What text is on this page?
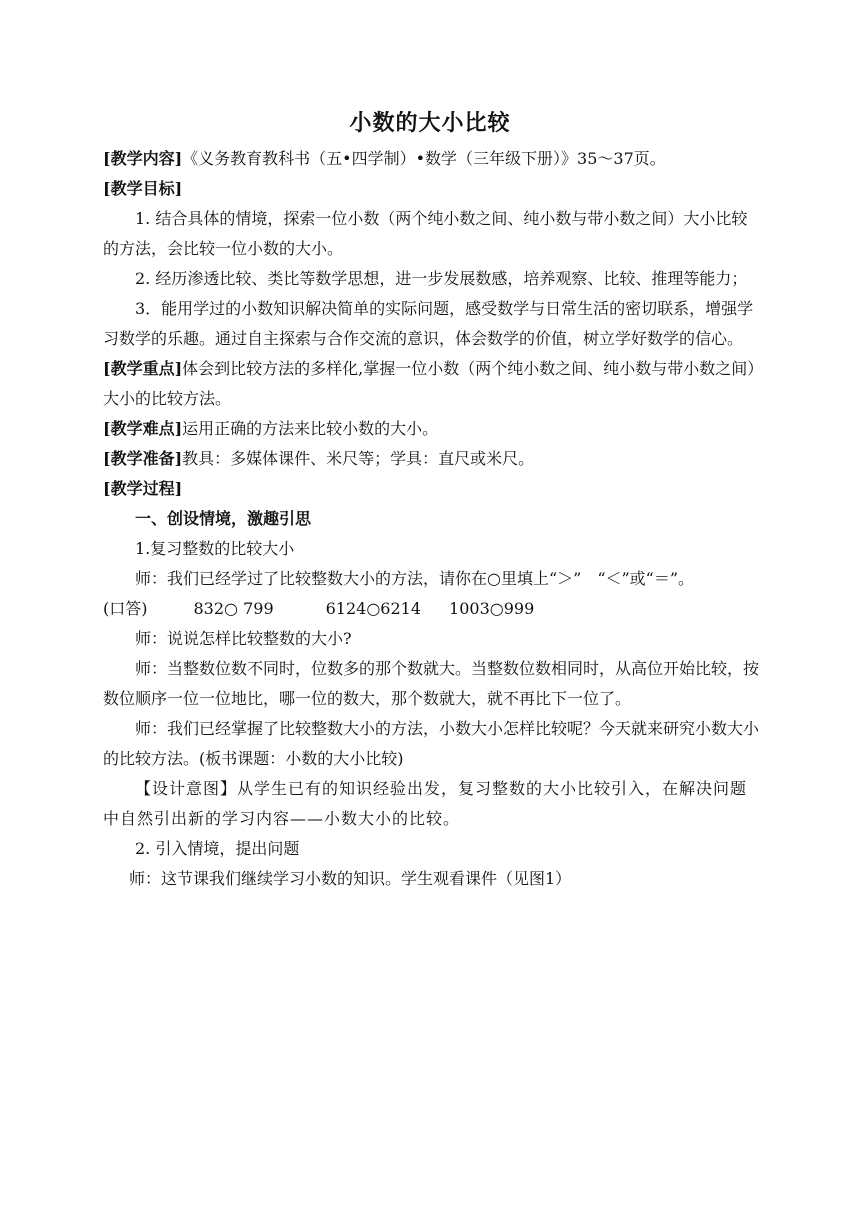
小数的大小比较

[教学内容]《义务教育教科书（五•四学制）•数学（三年级下册）》35～37页。

[教学目标]

1. 结合具体的情境，探索一位小数（两个纯小数之间、纯小数与带小数之间）大小比较的方法，会比较一位小数的大小。

2. 经历渗透比较、类比等数学思想，进一步发展数感，培养观察、比较、推理等能力；

3．能用学过的小数知识解决简单的实际问题，感受数学与日常生活的密切联系，增强学习数学的乐趣。通过自主探索与合作交流的意识，体会数学的价值，树立学好数学的信心。

[教学重点]体会到比较方法的多样化,掌握一位小数（两个纯小数之间、纯小数与带小数之间）大小的比较方法。

[教学难点]运用正确的方法来比较小数的大小。

[教学准备]教具：多媒体课件、米尺等；学具：直尺或米尺。

[教学过程]

一、创设情境，激趣引思

1.复习整数的比较大小

师：我们已经学过了比较整数大小的方法，请你在○里填上“＞”　“＜”或“＝”。

(口答)	832○ 799	6124○6214 1003○999

师：说说怎样比较整数的大小?

师：当整数位数不同时，位数多的那个数就大。当整数位数相同时，从高位开始比较，按数位顺序一位一位地比，哪一位的数大，那个数就大，就不再比下一位了。

师：我们已经掌握了比较整数大小的方法，小数大小怎样比较呢？今天就来研究小数大小的比较方法。(板书课题：小数的大小比较)

【设计意图】从学生已有的知识经验出发，复习整数的大小比较引入，在解决问题中自然引出新的学习内容——小数大小的比较。

2. 引入情境，提出问题

师：这节课我们继续学习小数的知识。学生观看课件（见图1）
